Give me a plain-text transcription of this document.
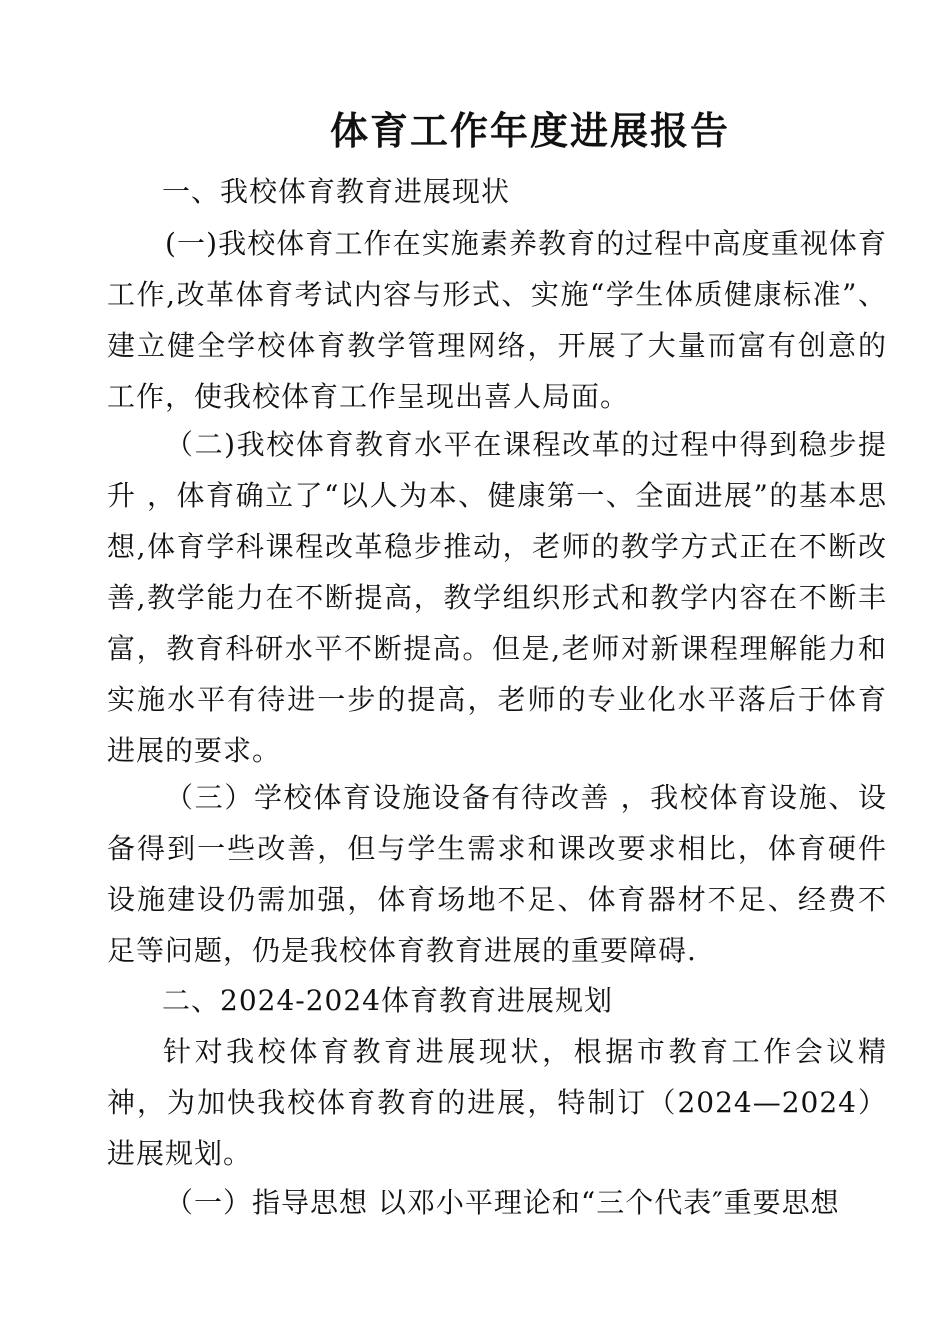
体育工作年度进展报告
一、我校体育教育进展现状
(一)我校体育工作在实施素养教育的过程中高度重视体育工作,改革体育考试内容与形式、实施“学生体质健康标准”、建立健全学校体育教学管理网络，开展了大量而富有创意的工作，使我校体育工作呈现出喜人局面。
（二)我校体育教育水平在课程改革的过程中得到稳步提升 ，体育确立了“以人为本、健康第一、全面进展”的基本思想,体育学科课程改革稳步推动，老师的教学方式正在不断改善,教学能力在不断提高，教学组织形式和教学内容在不断丰富，教育科研水平不断提高。但是,老师对新课程理解能力和实施水平有待进一步的提高，老师的专业化水平落后于体育进展的要求。
（三）学校体育设施设备有待改善 ，我校体育设施、设备得到一些改善，但与学生需求和课改要求相比，体育硬件设施建设仍需加强，体育场地不足、体育器材不足、经费不足等问题，仍是我校体育教育进展的重要障碍.
二、2024-2024体育教育进展规划
针对我校体育教育进展现状，根据市教育工作会议精神，为加快我校体育教育的进展，特制订（2024—2024）进展规划。
（一）指导思想 以邓小平理论和“三个代表″重要思想
